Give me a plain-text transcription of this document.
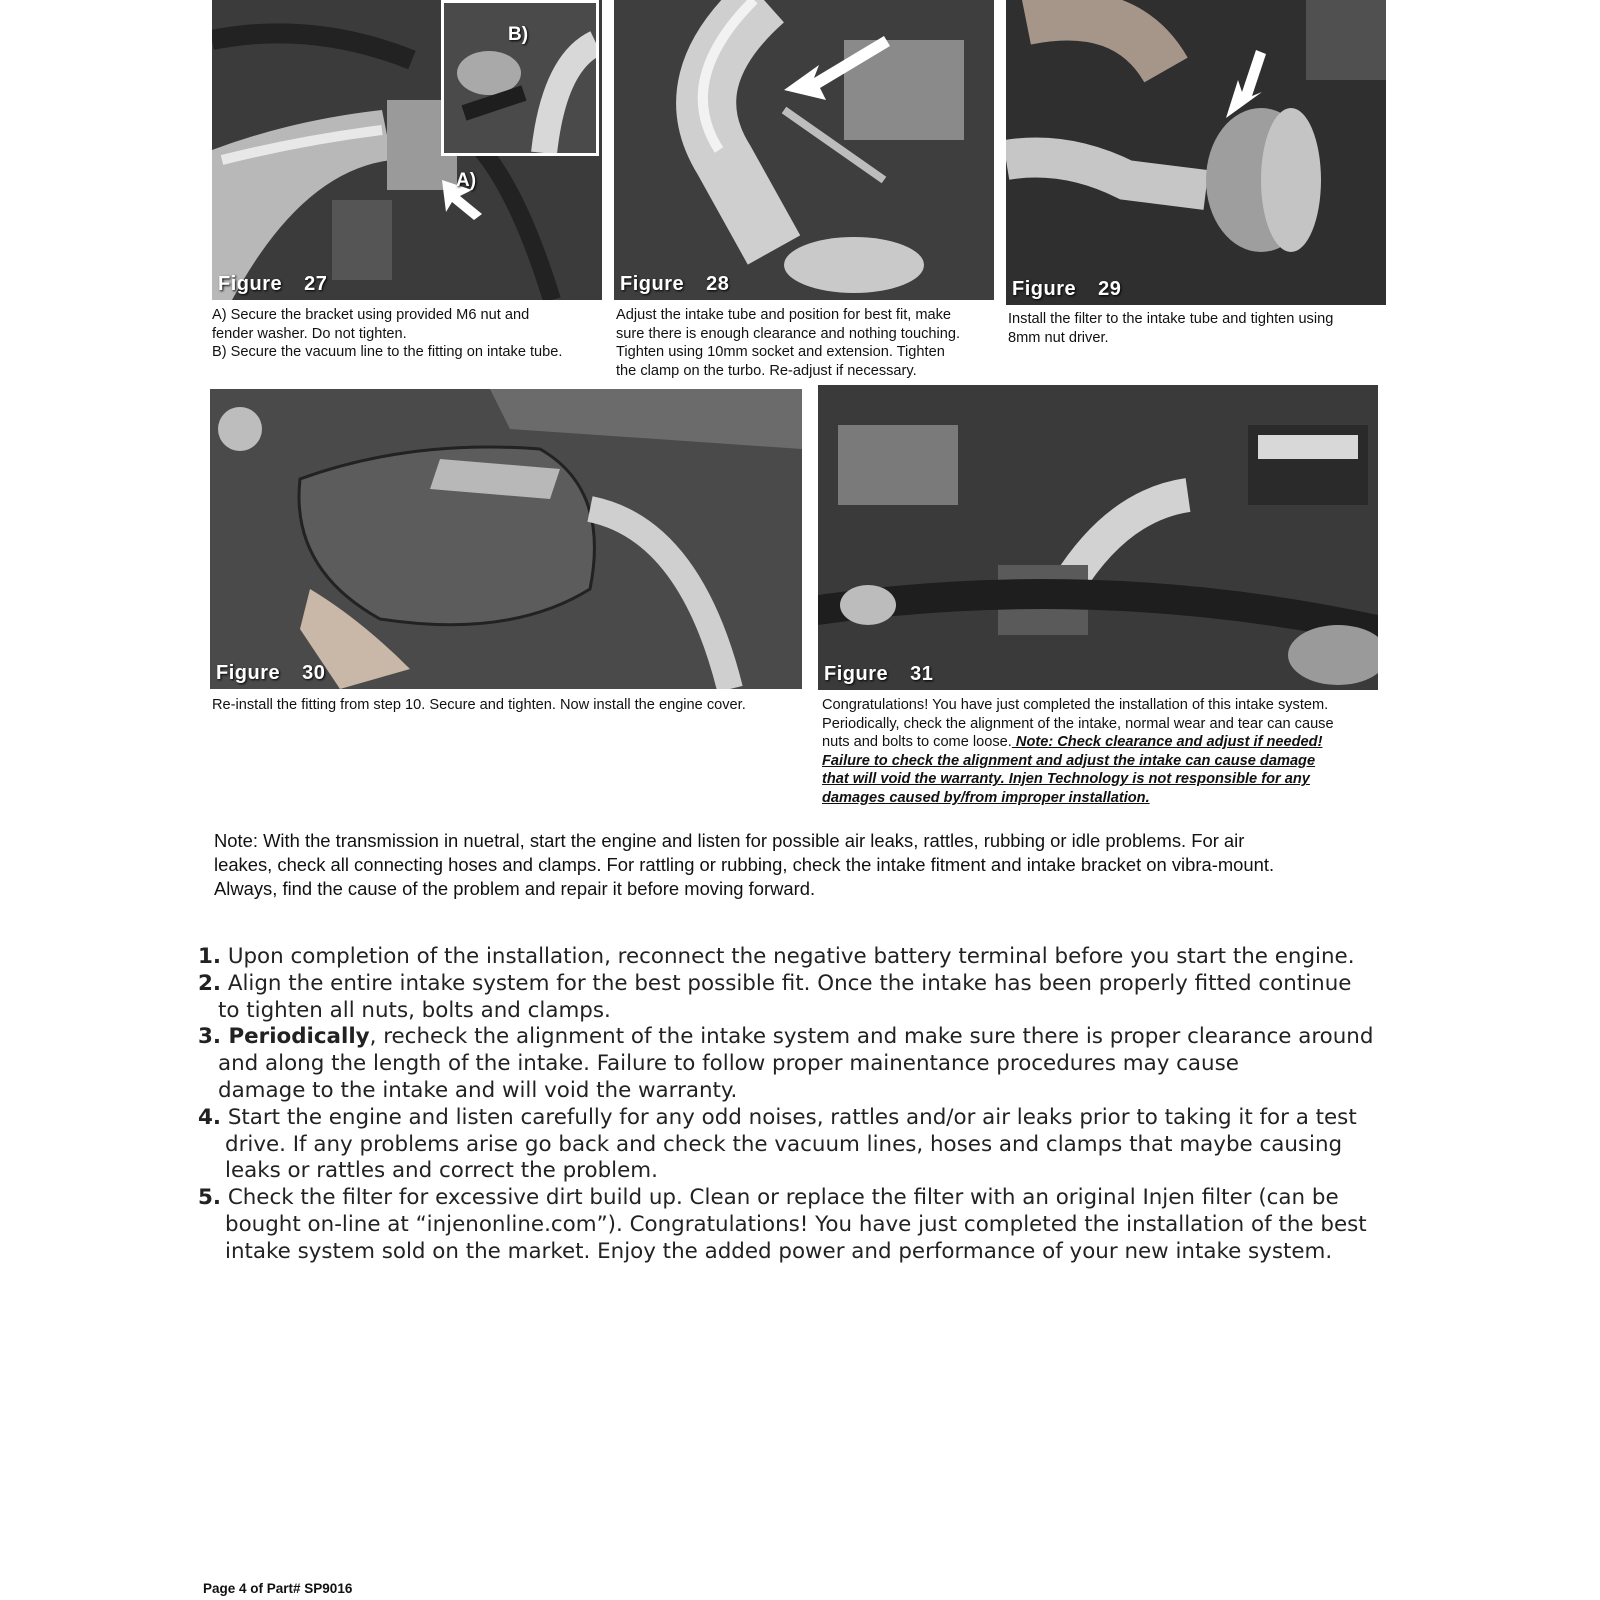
B)
A)
Figure 27

A) Secure the bracket using provided M6 nut and

fender washer. Do not tighten.

B) Secure the vacuum line to the fitting on intake tube.

Figure 28

Adjust the intake tube and position for best fit, make

sure there is enough clearance and nothing touching.

Tighten using 10mm socket and extension. Tighten

the clamp on the turbo. Re-adjust if necessary.

Figure 29

Install the filter to the intake tube and tighten using

8mm nut driver.

Figure 30

Re-install the fitting from step 10. Secure and tighten. Now install the engine cover.

Figure 31

Congratulations! You have just completed the installation of this intake system.

Periodically, check the alignment of the intake, normal wear and tear can cause

nuts and bolts to come loose. Note: Check clearance and adjust if needed!

Failure to check the alignment and adjust the intake can cause damage

that will void the warranty. Injen Technology is not responsible for any

damages caused by/from improper installation.

Note: With the transmission in nuetral, start the engine and listen for possible air leaks, rattles, rubbing or idle problems. For air
leakes, check all connecting hoses and clamps. For rattling or rubbing, check the intake fitment and intake bracket on vibra-mount.
Always, find the cause of the problem and repair it before moving forward.
1. Upon completion of the installation, reconnect the negative battery terminal before you start the engine.
2. Align the entire intake system for the best possible fit. Once the intake has been properly fitted continue
to tighten all nuts, bolts and clamps.
3. Periodically, recheck the alignment of the intake system and make sure there is proper clearance around
and along the length of the intake. Failure to follow proper mainentance procedures may cause
damage to the intake and will void the warranty.
4. Start the engine and listen carefully for any odd noises, rattles and/or air leaks prior to taking it for a test
drive. If any problems arise go back and check the vacuum lines, hoses and clamps that maybe causing
leaks or rattles and correct the problem.
5. Check the filter for excessive dirt build up. Clean or replace the filter with an original Injen filter (can be
bought on-line at “injenonline.com”). Congratulations! You have just completed the installation of the best
intake system sold on the market. Enjoy the added power and performance of your new intake system.
Page 4 of Part# SP9016
